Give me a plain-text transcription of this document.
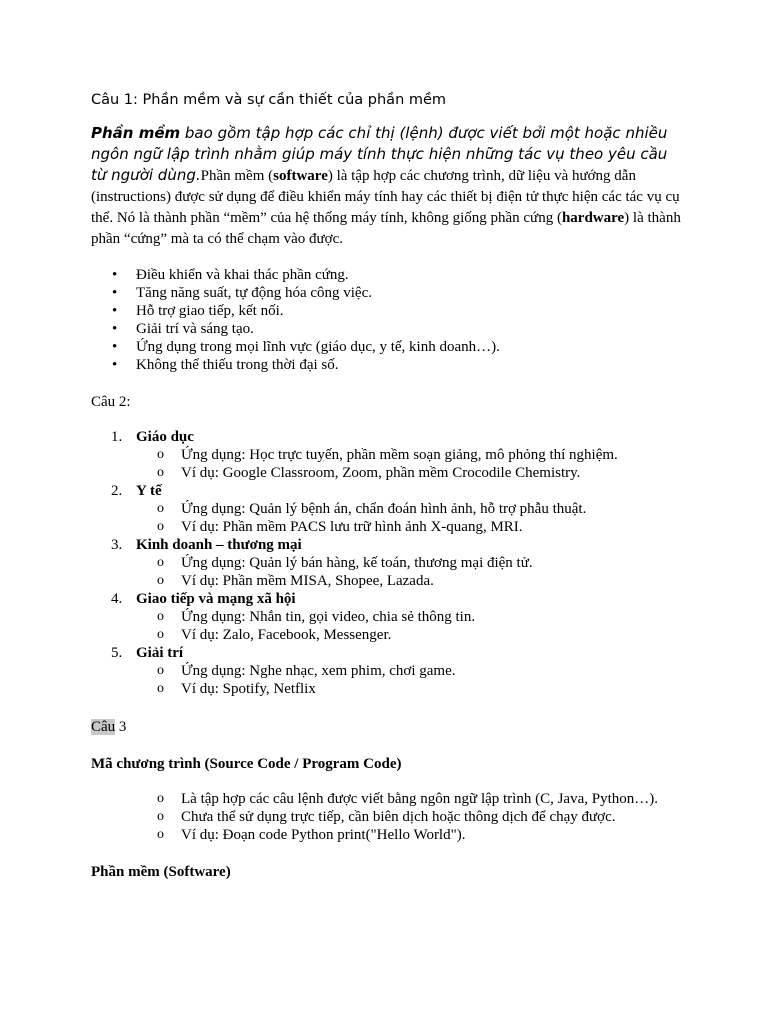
Câu 1: Phần mềm và sự cần thiết của phần mềm
Phần mềm bao gồm tập hợp các chỉ thị (lệnh) được viết bởi một hoặc nhiều ngôn ngữ lập trình nhằm giúp máy tính thực hiện những tác vụ theo yêu cầu từ người dùng.Phần mềm (software) là tập hợp các chương trình, dữ liệu và hướng dẫn (instructions) được sử dụng để điều khiển máy tính hay các thiết bị điện tử thực hiện các tác vụ cụ thể. Nó là thành phần “mềm” của hệ thống máy tính, không giống phần cứng (hardware) là thành phần “cứng” mà ta có thể chạm vào được.
• Điều khiển và khai thác phần cứng.
• Tăng năng suất, tự động hóa công việc.
• Hỗ trợ giao tiếp, kết nối.
• Giải trí và sáng tạo.
• Ứng dụng trong mọi lĩnh vực (giáo dục, y tế, kinh doanh…).
• Không thể thiếu trong thời đại số.
Câu 2:
1. Giáo dục
o Ứng dụng: Học trực tuyến, phần mềm soạn giảng, mô phỏng thí nghiệm.
o Ví dụ: Google Classroom, Zoom, phần mềm Crocodile Chemistry.
2. Y tế
o Ứng dụng: Quản lý bệnh án, chẩn đoán hình ảnh, hỗ trợ phẫu thuật.
o Ví dụ: Phần mềm PACS lưu trữ hình ảnh X-quang, MRI.
3. Kinh doanh – thương mại
o Ứng dụng: Quản lý bán hàng, kế toán, thương mại điện tử.
o Ví dụ: Phần mềm MISA, Shopee, Lazada.
4. Giao tiếp và mạng xã hội
o Ứng dụng: Nhắn tin, gọi video, chia sẻ thông tin.
o Ví dụ: Zalo, Facebook, Messenger.
5. Giải trí
o Ứng dụng: Nghe nhạc, xem phim, chơi game.
o Ví dụ: Spotify, Netflix
Câu 3
Mã chương trình (Source Code / Program Code)
o Là tập hợp các câu lệnh được viết bằng ngôn ngữ lập trình (C, Java, Python…).
o Chưa thể sử dụng trực tiếp, cần biên dịch hoặc thông dịch để chạy được.
o Ví dụ: Đoạn code Python print("Hello World").
Phần mềm (Software)
